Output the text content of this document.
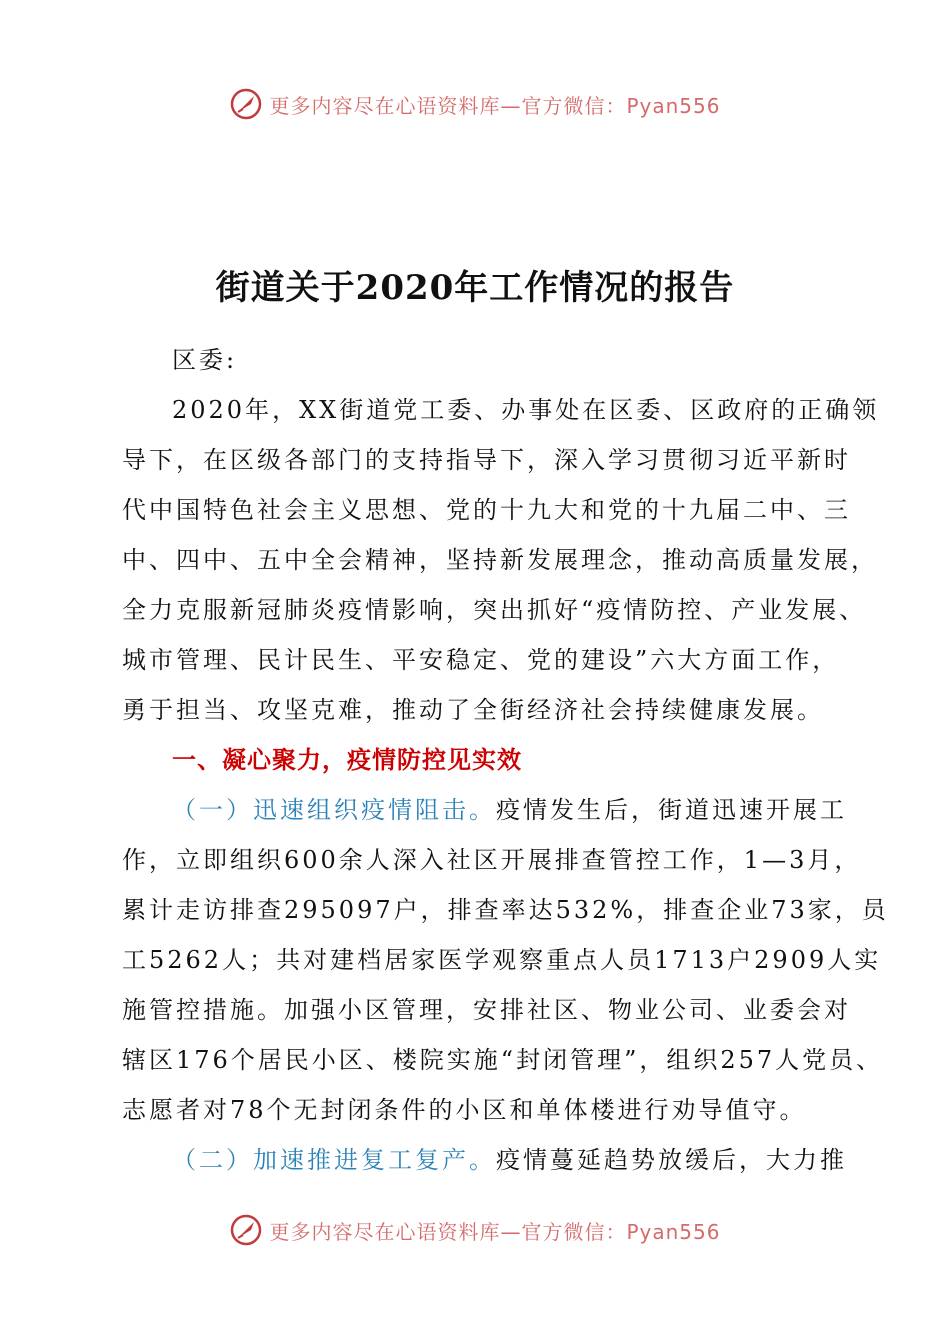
更多内容尽在心语资料库—官方微信：Pyan556
街道关于2020年工作情况的报告
区委:
2020年，XX街道党工委、办事处在区委、区政府的正确领
导下，在区级各部门的支持指导下，深入学习贯彻习近平新时
代中国特色社会主义思想、党的十九大和党的十九届二中、三
中、四中、五中全会精神，坚持新发展理念，推动高质量发展，
全力克服新冠肺炎疫情影响，突出抓好“疫情防控、产业发展、
城市管理、民计民生、平安稳定、党的建设”六大方面工作，
勇于担当、攻坚克难，推动了全街经济社会持续健康发展。
一、凝心聚力，疫情防控见实效
（一）迅速组织疫情阻击。疫情发生后，街道迅速开展工
作，立即组织600余人深入社区开展排查管控工作，1—3月，
累计走访排查295097户，排查率达532%，排查企业73家，员
工5262人；共对建档居家医学观察重点人员1713户2909人实
施管控措施。加强小区管理，安排社区、物业公司、业委会对
辖区176个居民小区、楼院实施“封闭管理”，组织257人党员、
志愿者对78个无封闭条件的小区和单体楼进行劝导值守。
（二）加速推进复工复产。疫情蔓延趋势放缓后，大力推
更多内容尽在心语资料库—官方微信：Pyan556
